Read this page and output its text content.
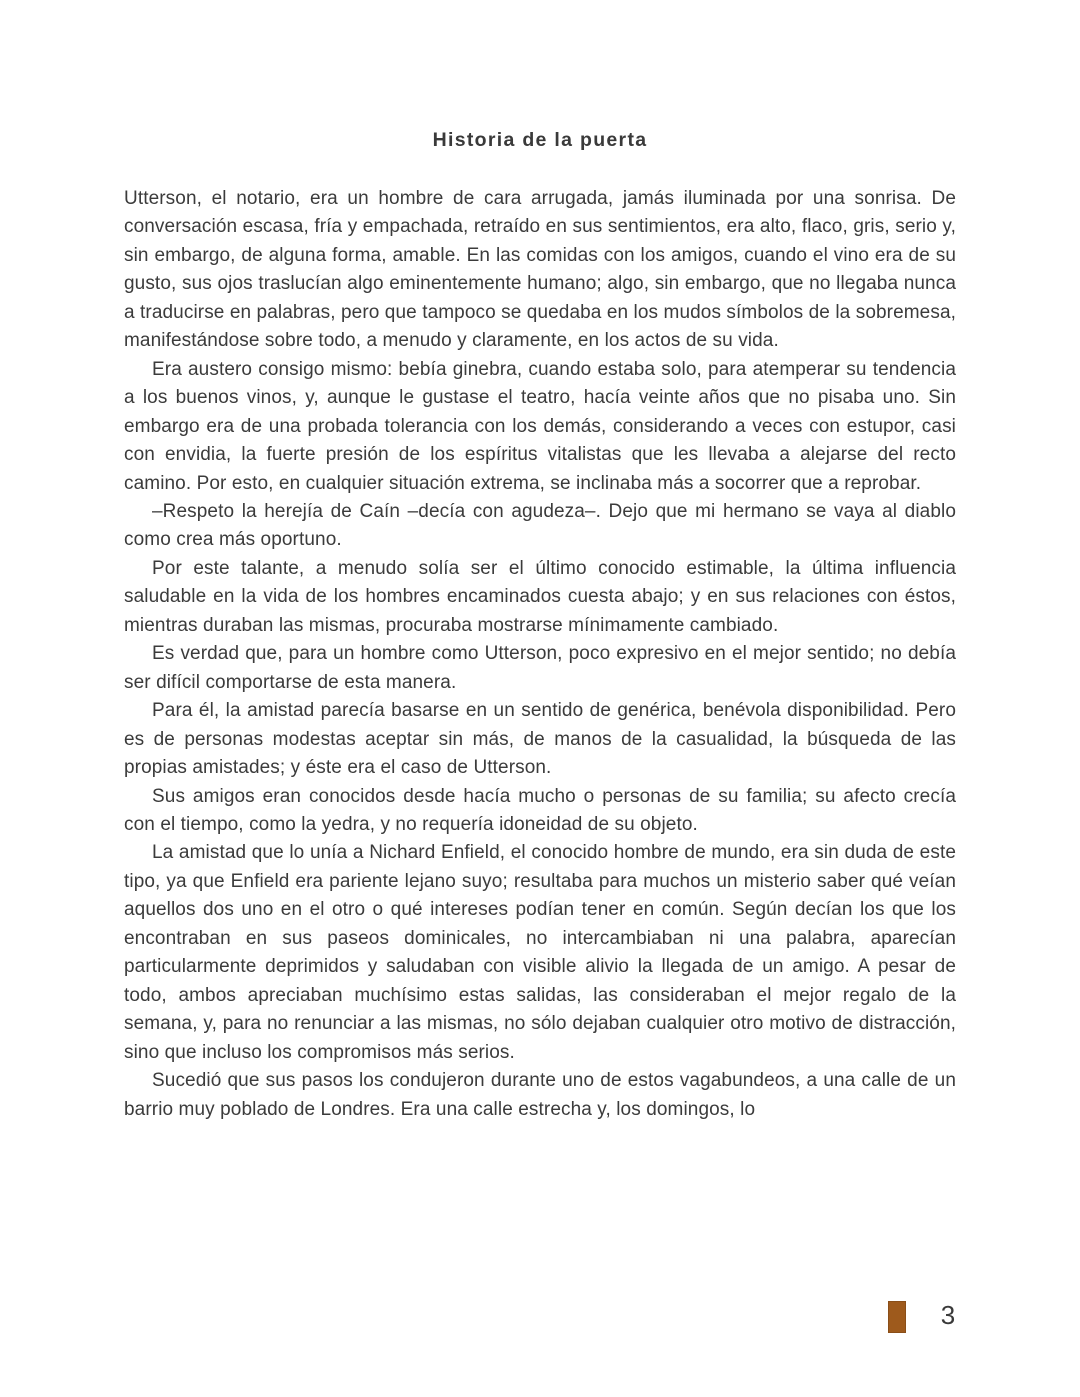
Historia de la puerta

Utterson, el notario, era un hombre de cara arrugada, jamás iluminada por una sonrisa. De conversación escasa, fría y empachada, retraído en sus sentimientos, era alto, flaco, gris, serio y, sin embargo, de alguna forma, amable. En las comidas con los amigos, cuando el vino era de su gusto, sus ojos traslucían algo eminentemente humano; algo, sin embargo, que no llegaba nunca a traducirse en palabras, pero que tampoco se quedaba en los mudos símbolos de la sobremesa, manifestándose sobre todo, a menudo y claramente, en los actos de su vida.

Era austero consigo mismo: bebía ginebra, cuando estaba solo, para atemperar su tendencia a los buenos vinos, y, aunque le gustase el teatro, hacía veinte años que no pisaba uno. Sin embargo era de una probada tolerancia con los demás, considerando a veces con estupor, casi con envidia, la fuerte presión de los espíritus vitalistas que les llevaba a alejarse del recto camino. Por esto, en cualquier situación extrema, se inclinaba más a socorrer que a reprobar.

–Respeto la herejía de Caín –decía con agudeza–. Dejo que mi hermano se vaya al diablo como crea más oportuno.

Por este talante, a menudo solía ser el último conocido estimable, la última influencia saludable en la vida de los hombres encaminados cuesta abajo; y en sus relaciones con éstos, mientras duraban las mismas, procuraba mostrarse mínimamente cambiado.

Es verdad que, para un hombre como Utterson, poco expresivo en el mejor sentido; no debía ser difícil comportarse de esta manera.

Para él, la amistad parecía basarse en un sentido de genérica, benévola disponibilidad. Pero es de personas modestas aceptar sin más, de manos de la casualidad, la búsqueda de las propias amistades; y éste era el caso de Utterson.

Sus amigos eran conocidos desde hacía mucho o personas de su familia; su afecto crecía con el tiempo, como la yedra, y no requería idoneidad de su objeto.

La amistad que lo unía a Nichard Enfield, el conocido hombre de mundo, era sin duda de este tipo, ya que Enfield era pariente lejano suyo; resultaba para muchos un misterio saber qué veían aquellos dos uno en el otro o qué intereses podían tener en común. Según decían los que los encontraban en sus paseos dominicales, no intercambiaban ni una palabra, aparecían particularmente deprimidos y saludaban con visible alivio la llegada de un amigo. A pesar de todo, ambos apreciaban muchísimo estas salidas, las consideraban el mejor regalo de la semana, y, para no renunciar a las mismas, no sólo dejaban cualquier otro motivo de distracción, sino que incluso los compromisos más serios.

Sucedió que sus pasos los condujeron durante uno de estos vagabundeos, a una calle de un barrio muy poblado de Londres. Era una calle estrecha y, los domingos, lo

3
